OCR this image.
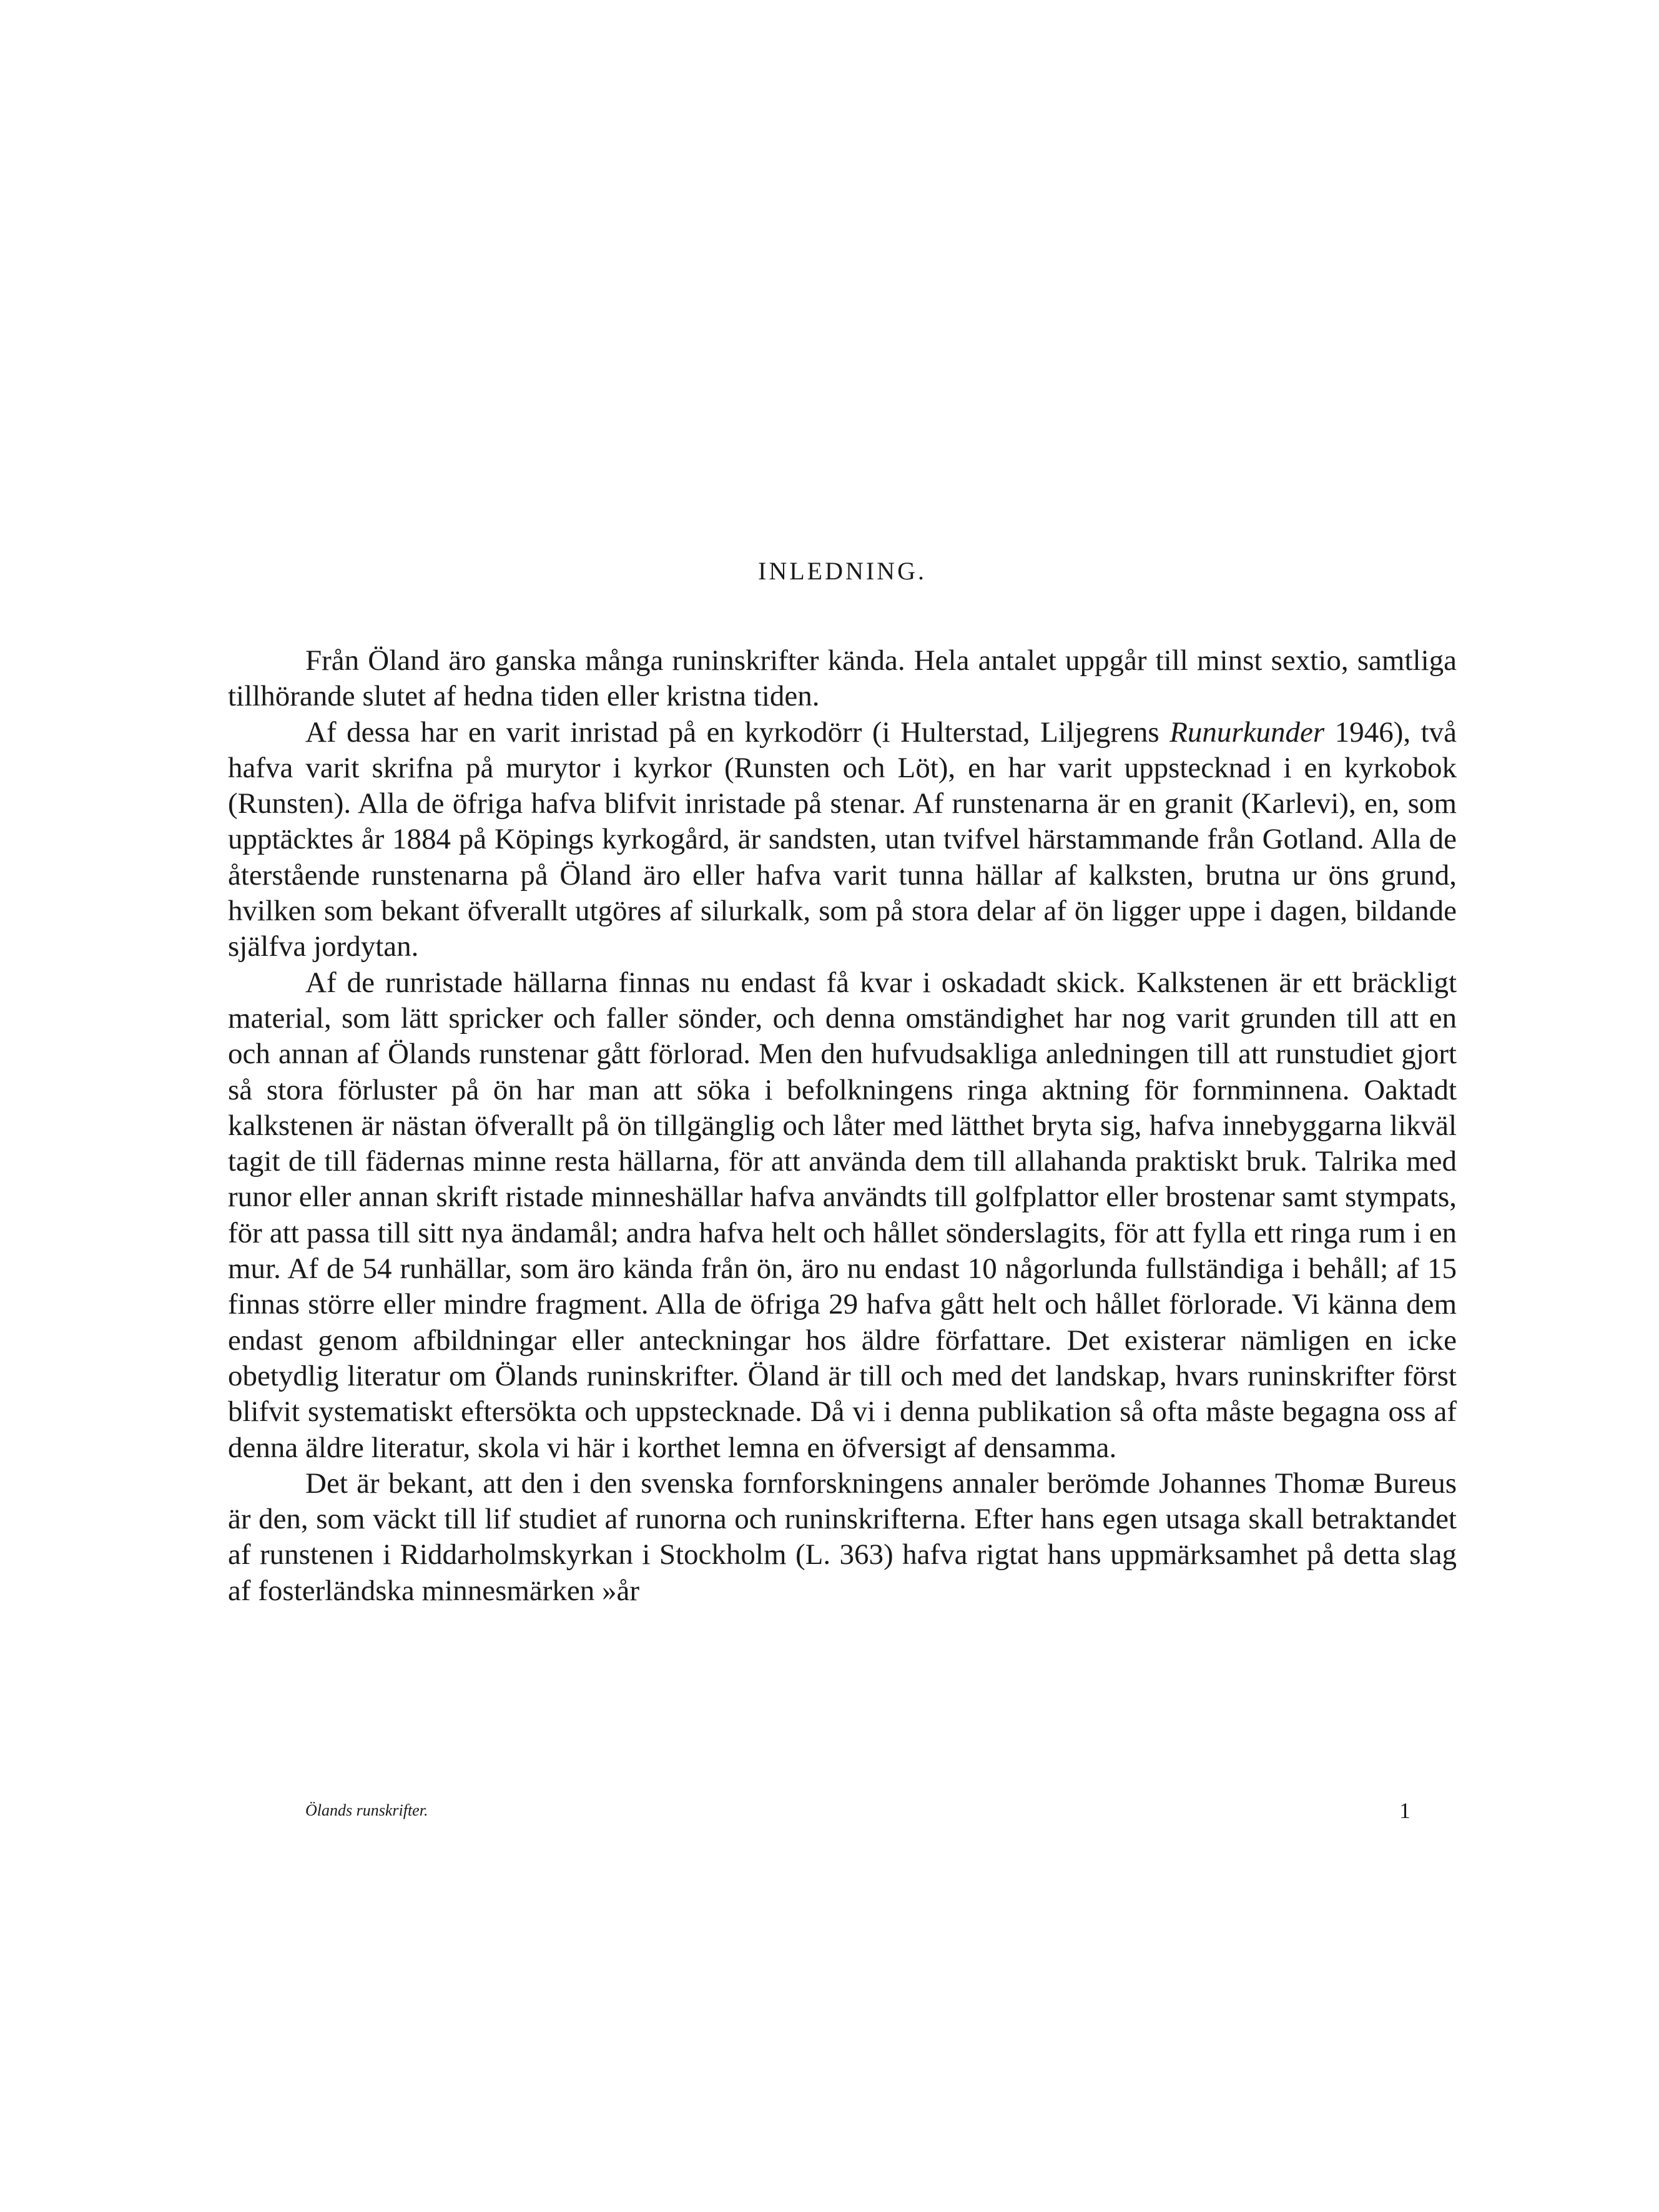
INLEDNING.

Från Öland äro ganska många runinskrifter kända. Hela antalet uppgår till minst sextio, samtliga tillhörande slutet af hedna tiden eller kristna tiden.

Af dessa har en varit inristad på en kyrkodörr (i Hulterstad, Liljegrens Runurkunder 1946), två hafva varit skrifna på murytor i kyrkor (Runsten och Löt), en har varit uppstecknad i en kyrkobok (Runsten). Alla de öfriga hafva blifvit inristade på stenar. Af runstenarna är en granit (Karlevi), en, som upptäcktes år 1884 på Köpings kyrkogård, är sandsten, utan tvifvel härstammande från Gotland. Alla de återstående runstenarna på Öland äro eller hafva varit tunna hällar af kalksten, brutna ur öns grund, hvilken som bekant öfverallt utgöres af silurkalk, som på stora delar af ön ligger uppe i dagen, bildande själfva jordytan.

Af de runristade hällarna finnas nu endast få kvar i oskadadt skick. Kalkstenen är ett bräckligt material, som lätt spricker och faller sönder, och denna omständighet har nog varit grunden till att en och annan af Ölands runstenar gått förlorad. Men den hufvudsakliga anledningen till att runstudiet gjort så stora förluster på ön har man att söka i befolkningens ringa aktning för fornminnena. Oaktadt kalkstenen är nästan öfverallt på ön tillgänglig och låter med lätthet bryta sig, hafva innebyggarna likväl tagit de till fädernas minne resta hällarna, för att använda dem till allahanda praktiskt bruk. Talrika med runor eller annan skrift ristade minneshällar hafva användts till golfplattor eller brostenar samt stympats, för att passa till sitt nya ändamål; andra hafva helt och hållet sönderslagits, för att fylla ett ringa rum i en mur. Af de 54 runhällar, som äro kända från ön, äro nu endast 10 någorlunda fullständiga i behåll; af 15 finnas större eller mindre fragment. Alla de öfriga 29 hafva gått helt och hållet förlorade. Vi känna dem endast genom afbildningar eller anteckningar hos äldre författare. Det existerar nämligen en icke obetydlig literatur om Ölands runinskrifter. Öland är till och med det landskap, hvars runinskrifter först blifvit systematiskt eftersökta och uppstecknade. Då vi i denna publikation så ofta måste begagna oss af denna äldre literatur, skola vi här i korthet lemna en öfversigt af densamma.

Det är bekant, att den i den svenska fornforskningens annaler berömde Johannes Thomæ Bureus är den, som väckt till lif studiet af runorna och runinskrifterna. Efter hans egen utsaga skall betraktandet af runstenen i Riddarholmskyrkan i Stockholm (L. 363) hafva rigtat hans uppmärksamhet på detta slag af fosterländska minnesmärken »år

Ölands runskrifter.	1
